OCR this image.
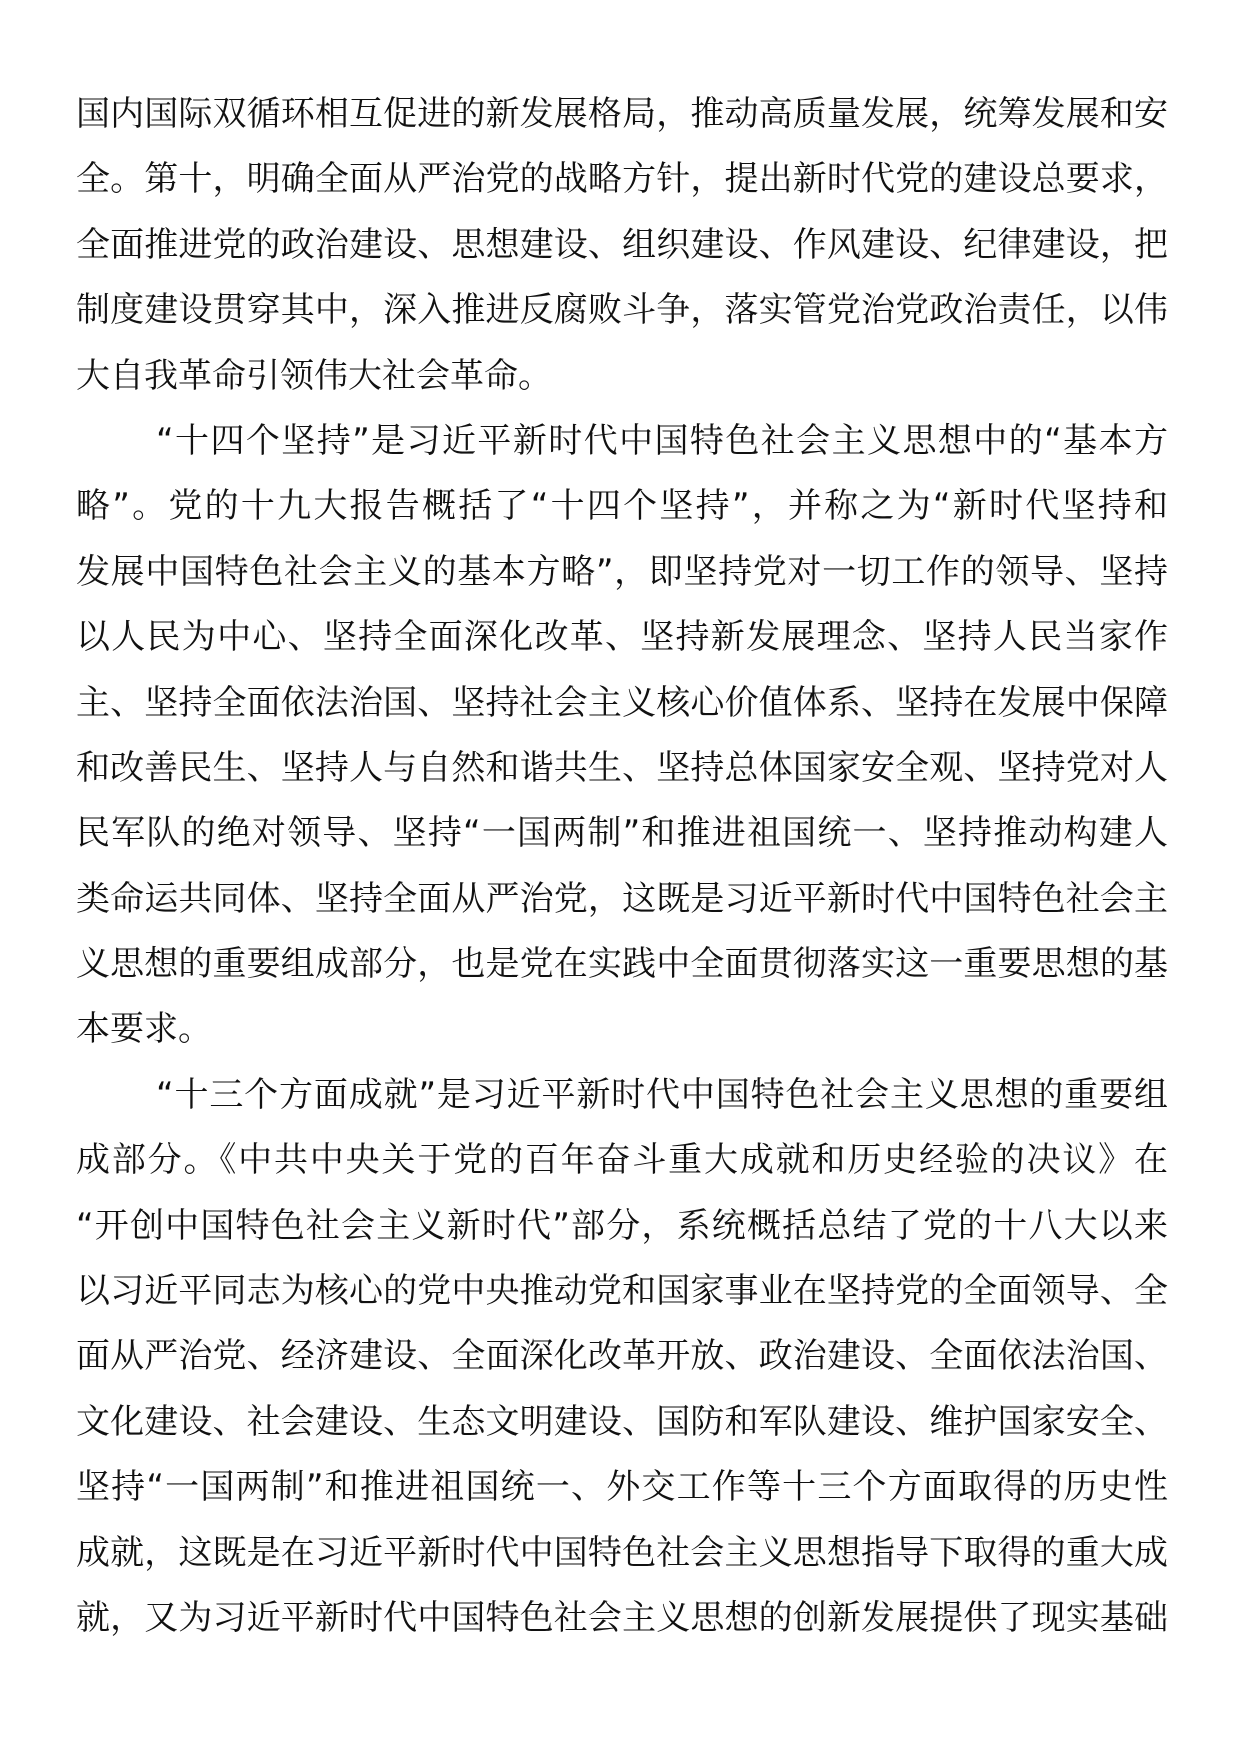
国内国际双循环相互促进的新发展格局，推动高质量发展，统筹发展和安

全。第十，明确全面从严治党的战略方针，提出新时代党的建设总要求，

全面推进党的政治建设、思想建设、组织建设、作风建设、纪律建设，把

制度建设贯穿其中，深入推进反腐败斗争，落实管党治党政治责任，以伟

大自我革命引领伟大社会革命。

“十四个坚持”是习近平新时代中国特色社会主义思想中的“基本方

略”。党的十九大报告概括了“十四个坚持”，并称之为“新时代坚持和

发展中国特色社会主义的基本方略”，即坚持党对一切工作的领导、坚持

以人民为中心、坚持全面深化改革、坚持新发展理念、坚持人民当家作

主、坚持全面依法治国、坚持社会主义核心价值体系、坚持在发展中保障

和改善民生、坚持人与自然和谐共生、坚持总体国家安全观、坚持党对人

民军队的绝对领导、坚持“一国两制”和推进祖国统一、坚持推动构建人

类命运共同体、坚持全面从严治党，这既是习近平新时代中国特色社会主

义思想的重要组成部分，也是党在实践中全面贯彻落实这一重要思想的基

本要求。

“十三个方面成就”是习近平新时代中国特色社会主义思想的重要组

成部分。《中共中央关于党的百年奋斗重大成就和历史经验的决议》在

“开创中国特色社会主义新时代”部分，系统概括总结了党的十八大以来

以习近平同志为核心的党中央推动党和国家事业在坚持党的全面领导、全

面从严治党、经济建设、全面深化改革开放、政治建设、全面依法治国、

文化建设、社会建设、生态文明建设、国防和军队建设、维护国家安全、

坚持“一国两制”和推进祖国统一、外交工作等十三个方面取得的历史性

成就，这既是在习近平新时代中国特色社会主义思想指导下取得的重大成

就，又为习近平新时代中国特色社会主义思想的创新发展提供了现实基础
